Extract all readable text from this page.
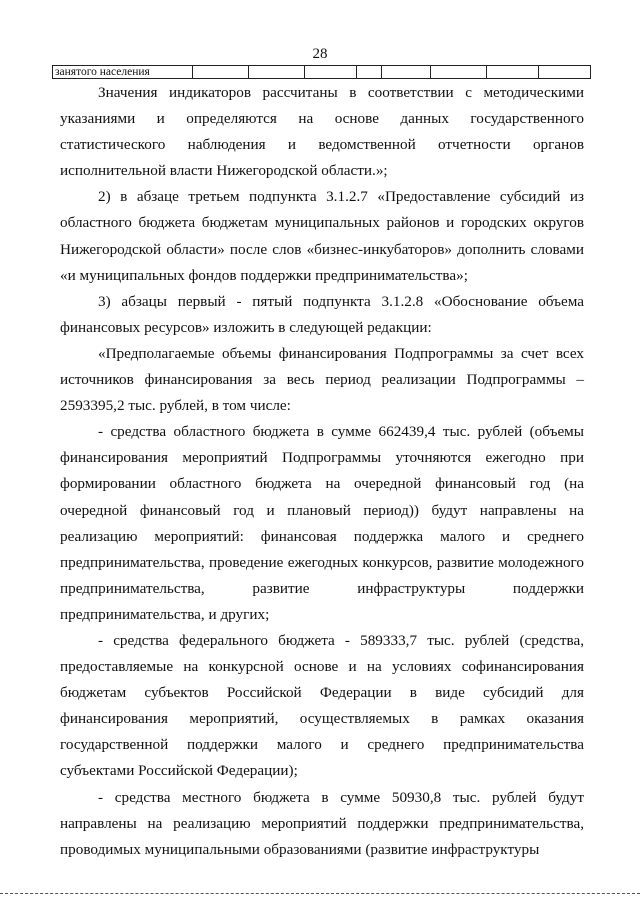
28
занятого населения								

Значения индикаторов рассчитаны в соответствии с методическими указаниями и определяются на основе данных государственного статистического наблюдения и ведомственной отчетности органов исполнительной власти Нижегородской области.»;

2) в абзаце третьем подпункта 3.1.2.7 «Предоставление субсидий из областного бюджета бюджетам муниципальных районов и городских округов Нижегородской области» после слов «бизнес-инкубаторов» дополнить словами «и муниципальных фондов поддержки предпринимательства»;

3) абзацы первый - пятый подпункта 3.1.2.8 «Обоснование объема финансовых ресурсов» изложить в следующей редакции:

«Предполагаемые объемы финансирования Подпрограммы за счет всех источников финансирования за весь период реализации Подпрограммы – 2593395,2 тыс. рублей, в том числе:

- средства областного бюджета в сумме 662439,4 тыс. рублей (объемы финансирования мероприятий Подпрограммы уточняются ежегодно при формировании областного бюджета на очередной финансовый год (на очередной финансовый год и плановый период)) будут направлены на реализацию мероприятий: финансовая поддержка малого и среднего предпринимательства, проведение ежегодных конкурсов, развитие молодежного предпринимательства, развитие инфраструктуры поддержки предпринимательства, и других;

- средства федерального бюджета - 589333,7 тыс. рублей (средства, предоставляемые на конкурсной основе и на условиях софинансирования бюджетам субъектов Российской Федерации в виде субсидий для финансирования мероприятий, осуществляемых в рамках оказания государственной поддержки малого и среднего предпринимательства субъектами Российской Федерации);

- средства местного бюджета в сумме 50930,8 тыс. рублей будут направлены на реализацию мероприятий поддержки предпринимательства, проводимых муниципальными образованиями (развитие инфраструктуры
